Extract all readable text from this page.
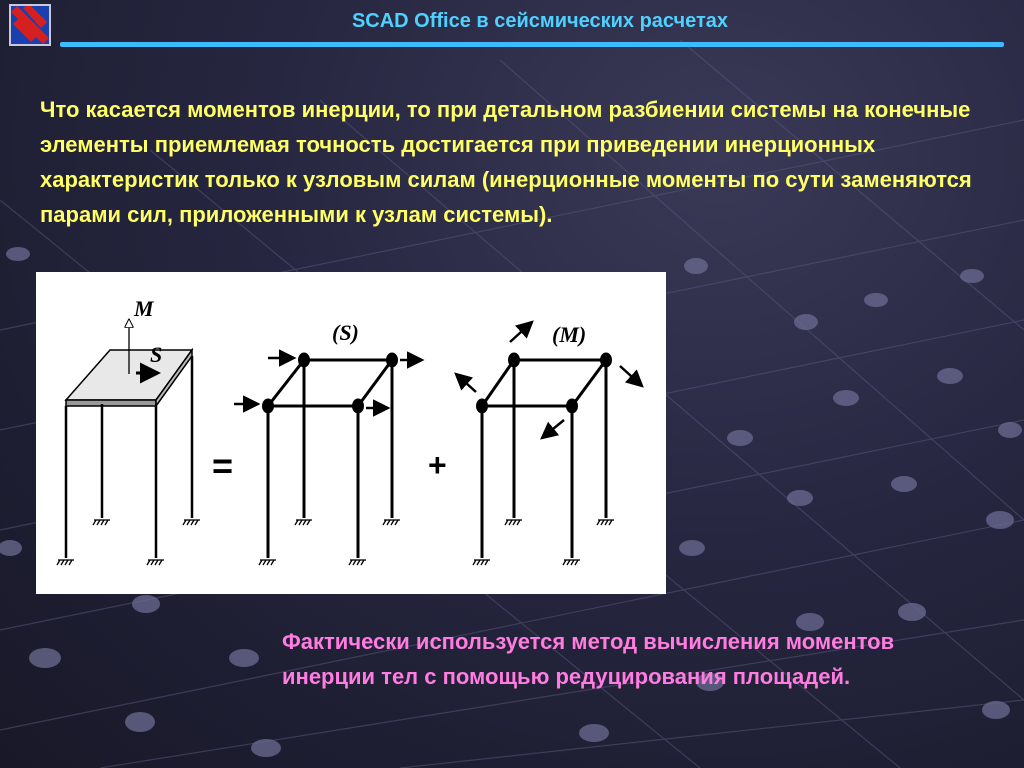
SCAD Office в сейсмических расчетах
Что касается моментов инерции, то при детальном разбиении системы на конечные элементы приемлемая точность достигается при приведении инерционных характеристик только к узловым силам (инерционные моменты по сути заменяются парами сил, приложенными к узлам системы).
M
S
=
(S)
+
(M)
Фактически используется метод вычисления моментов инерции тел с помощью редуцирования площадей.
